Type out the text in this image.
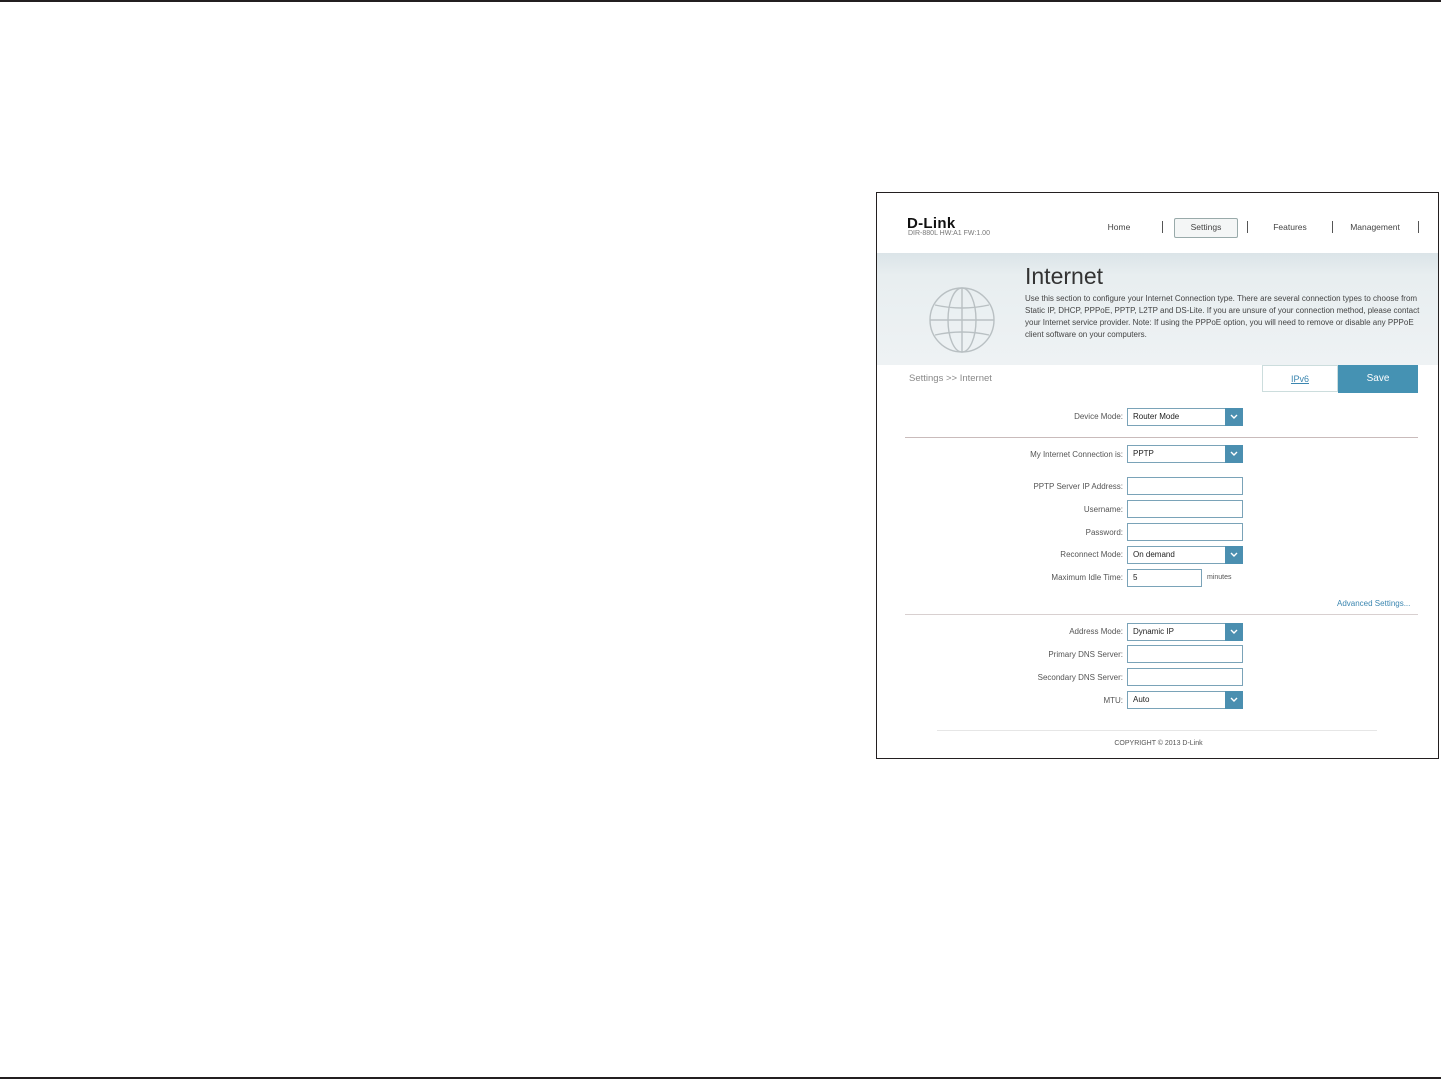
D-Link
DIR-880L HW:A1 FW:1.00
Home	Settings	Features	Management
Internet
Use this section to configure your Internet Connection type. There are several connection types to choose from Static IP, DHCP, PPPoE, PPTP, L2TP and DS-Lite. If you are unsure of your connection method, please contact your Internet service provider. Note: If using the PPPoE option, you will need to remove or disable any PPPoE client software on your computers.
Settings >> Internet	IPv6	Save
Device Mode:	Router Mode
My Internet Connection is:	PPTP
PPTP Server IP Address:
Username:
Password:
Reconnect Mode:	On demand
Maximum Idle Time:	5	minutes
Advanced Settings...
Address Mode:	Dynamic IP
Primary DNS Server:
Secondary DNS Server:
MTU:	Auto
COPYRIGHT © 2013 D-Link
